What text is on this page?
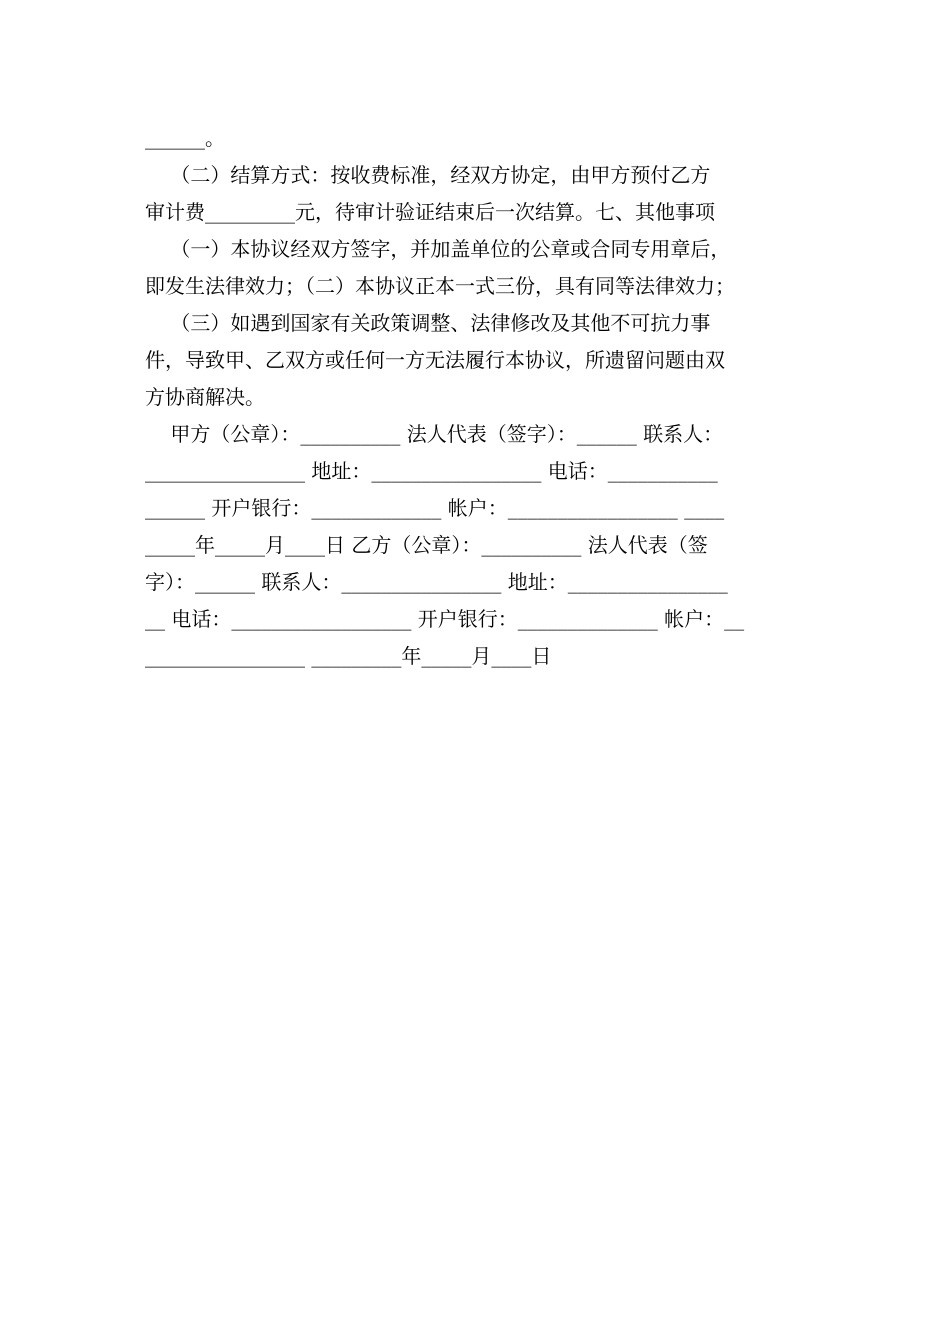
______。
（二）结算方式：按收费标准，经双方协定，由甲方预付乙方
审计费_________元，待审计验证结束后一次结算。七、其他事项
（一）本协议经双方签字，并加盖单位的公章或合同专用章后，
即发生法律效力；（二）本协议正本一式三份，具有同等法律效力；
（三）如遇到国家有关政策调整、法律修改及其他不可抗力事
件，导致甲、乙双方或任何一方无法履行本协议，所遗留问题由双
方协商解决。
甲方（公章）：__________ 法人代表（签字）：______ 联系人：
________________ 地址：_________________ 电话：___________
______ 开户银行：_____________ 帐户：_________________ ____
_____年_____月____日 乙方（公章）：__________ 法人代表（签
字）：______ 联系人：________________ 地址：________________
__ 电话：__________________ 开户银行：______________ 帐户：__
________________ _________年_____月____日
